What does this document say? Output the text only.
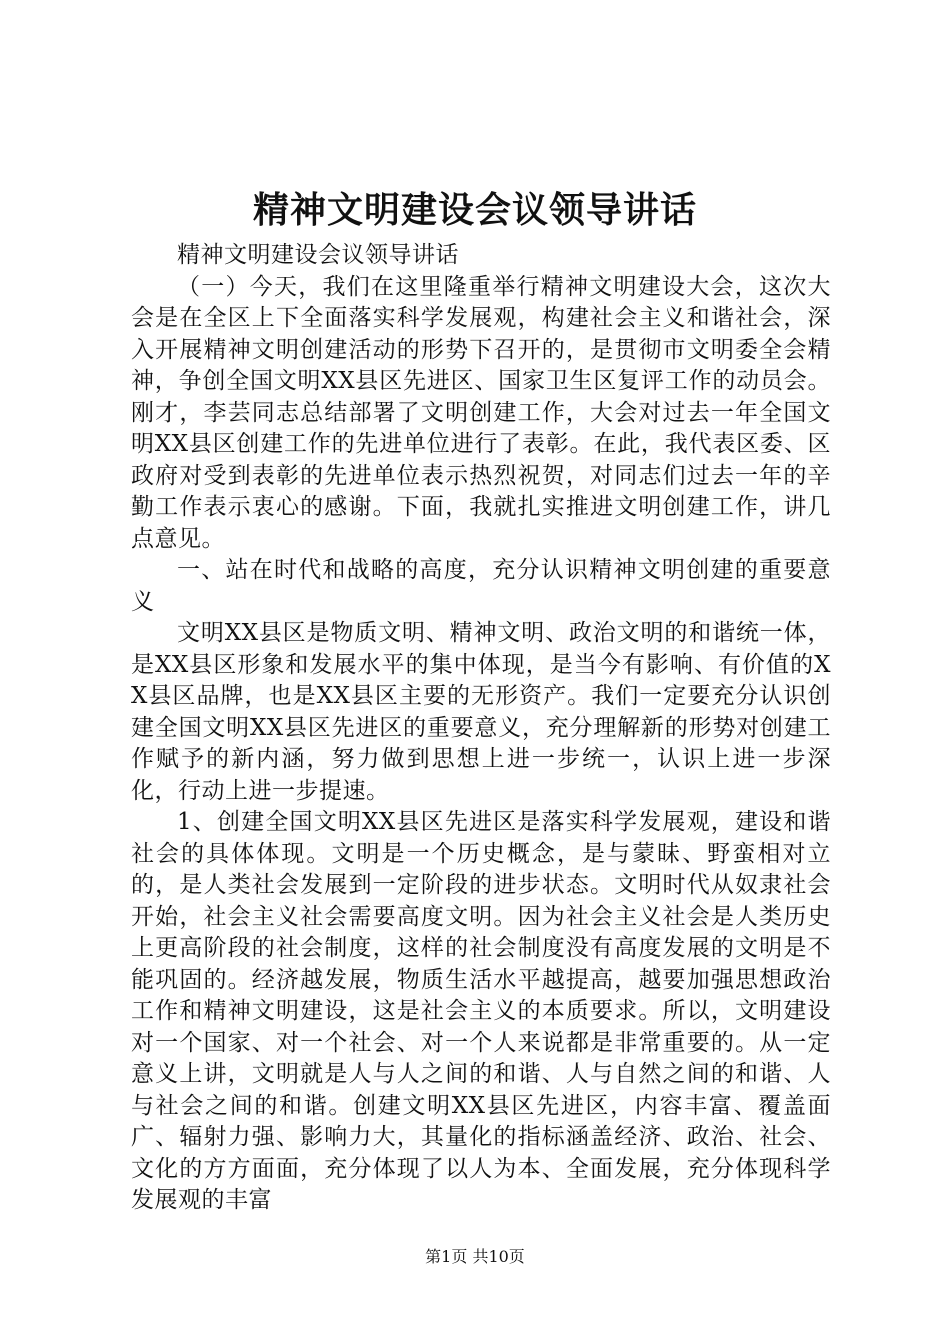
精神文明建设会议领导讲话

精神文明建设会议领导讲话

（一）今天，我们在这里隆重举行精神文明建设大会，这次大会是在全区上下全面落实科学发展观，构建社会主义和谐社会，深入开展精神文明创建活动的形势下召开的，是贯彻市文明委全会精神，争创全国文明XX县区先进区、国家卫生区复评工作的动员会。刚才，李芸同志总结部署了文明创建工作，大会对过去一年全国文明XX县区创建工作的先进单位进行了表彰。在此，我代表区委、区政府对受到表彰的先进单位表示热烈祝贺，对同志们过去一年的辛勤工作表示衷心的感谢。下面，我就扎实推进文明创建工作，讲几点意见。

一、站在时代和战略的高度，充分认识精神文明创建的重要意义

文明XX县区是物质文明、精神文明、政治文明的和谐统一体，是XX县区形象和发展水平的集中体现，是当今有影响、有价值的XX县区品牌，也是XX县区主要的无形资产。我们一定要充分认识创建全国文明XX县区先进区的重要意义，充分理解新的形势对创建工作赋予的新内涵，努力做到思想上进一步统一，认识上进一步深化，行动上进一步提速。

1、创建全国文明XX县区先进区是落实科学发展观，建设和谐社会的具体体现。文明是一个历史概念，是与蒙昧、野蛮相对立的，是人类社会发展到一定阶段的进步状态。文明时代从奴隶社会开始，社会主义社会需要高度文明。因为社会主义社会是人类历史上更高阶段的社会制度，这样的社会制度没有高度发展的文明是不能巩固的。经济越发展，物质生活水平越提高，越要加强思想政治工作和精神文明建设，这是社会主义的本质要求。所以，文明建设对一个国家、对一个社会、对一个人来说都是非常重要的。从一定意义上讲，文明就是人与人之间的和谐、人与自然之间的和谐、人与社会之间的和谐。创建文明XX县区先进区，内容丰富、覆盖面广、辐射力强、影响力大，其量化的指标涵盖经济、政治、社会、文化的方方面面，充分体现了以人为本、全面发展，充分体现科学发展观的丰富

第1页 共10页
